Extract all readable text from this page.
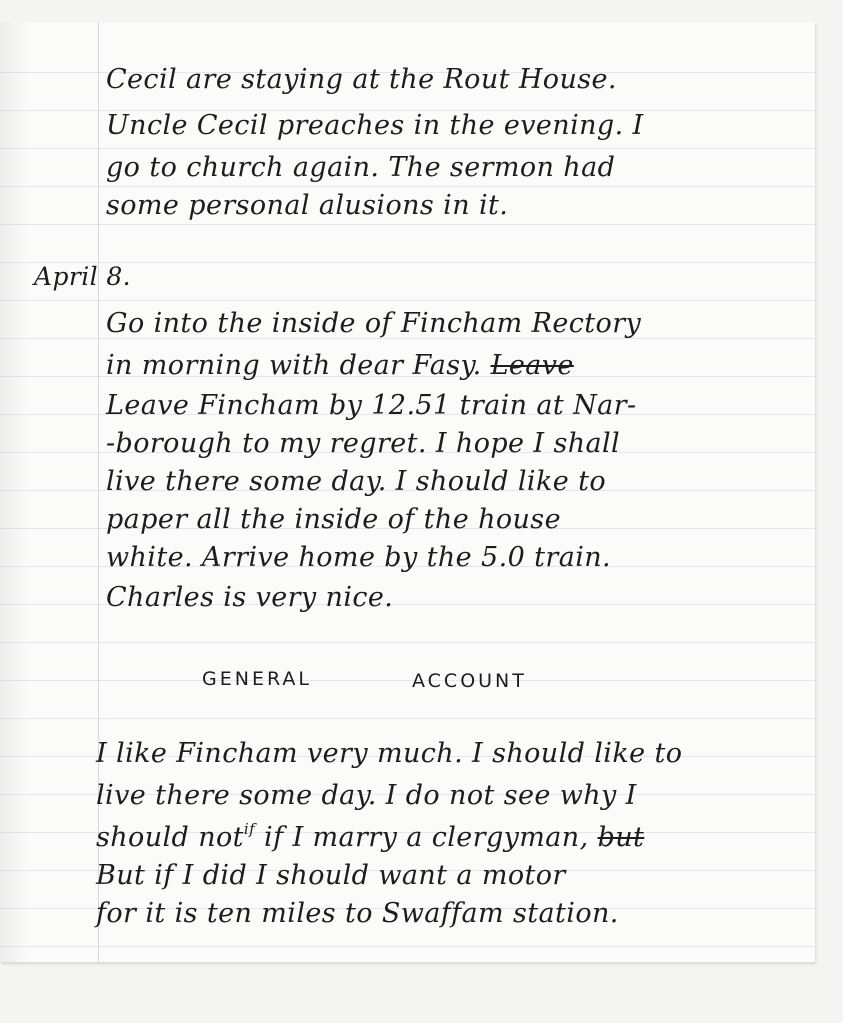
Cecil are staying at the Rout House.
Uncle Cecil preaches in the evening. I
go to church again. The sermon had
some personal alusions in it.
April 8.
Go into the inside of Fincham Rectory
in morning with dear Fasy. Leave
Leave Fincham by 12.51 train at Nar-
-borough to my regret. I hope I shall
live there some day. I should like to
paper all the inside of the house
white. Arrive home by the 5.0 train.
Charles is very nice.
GENERAL	ACCOUNT
I like Fincham very much. I should like to
live there some day. I do not see why I
should not$^{if}$ if I marry a clergyman, but
But if I did I should want a motor
for it is ten miles to Swaffam station.
